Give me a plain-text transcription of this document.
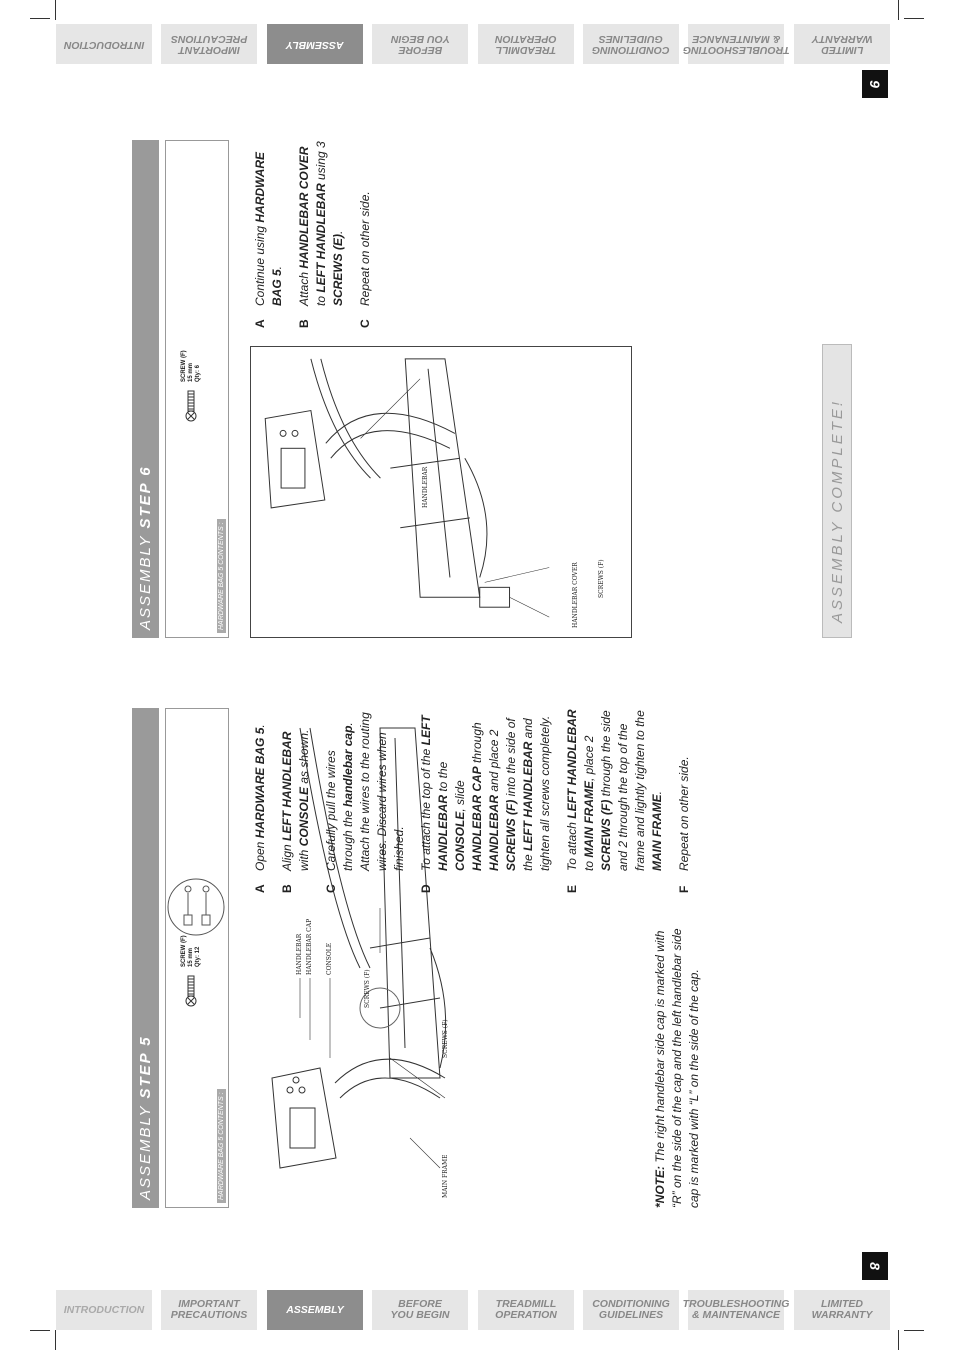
INTRODUCTION	IMPORTANT
PRECAUTIONS	ASSEMBLY	BEFORE
YOU BEGIN
TREADMILL
OPERATION
CONDITIONING
GUIDELINES
TROUBLESHOOTING
& MAINTENANCE
LIMITED
WARRANTY
INTRODUCTION	IMPORTANT
PRECAUTIONS	ASSEMBLY	BEFORE
YOU BEGIN
TREADMILL
OPERATION
CONDITIONING
GUIDELINES
TROUBLESHOOTING
& MAINTENANCE
LIMITED
WARRANTY
9
8
ASSEMBLY
STEP 5
HARDWARE BAG 5 CONTENTS :
SCREW (F)
15 mm
Qty: 12	CONSOLE
HANDLEBAR CAP
HANDLEBAR
SCREWS (F)
SCREWS (F)
MAIN FRAME	*NOTE: The right handlebar side cap is marked with “R” on the side of the cap and the left handlebar side cap is marked with “L” on the side of the cap.
A
Open HARDWARE BAG 5.
B
Align LEFT HANDLEBAR with CONSOLE as shown.
C
Carefully pull the wires through the handlebar cap. Attach the wires to the routing wires. Discard wires when finished.
D
To attach the top of the LEFT HANDLEBAR to the CONSOLE, slide HANDLEBAR CAP through HANDLEBAR and place 2 SCREWS (F) into the side of the LEFT HANDLEBAR and tighten all screws completely.
E
To attach LEFT HANDLEBAR to MAIN FRAME, place 2 SCREWS (F) through the side and 2 through the top of the frame and lightly tighten to the MAIN FRAME.
F
Repeat on other side.
ASSEMBLY
STEP 6
HARDWARE BAG 5 CONTENTS :
SCREW (F)
15 mm
Qty: 6
HANDLEBAR
HANDLEBAR COVER	SCREWS (F)
A
Continue using HARDWARE BAG 5.
B
Attach HANDLEBAR COVER to LEFT HANDLEBAR using 3 SCREWS (E).
C
Repeat on other side.
ASSEMBLY COMPLETE!
